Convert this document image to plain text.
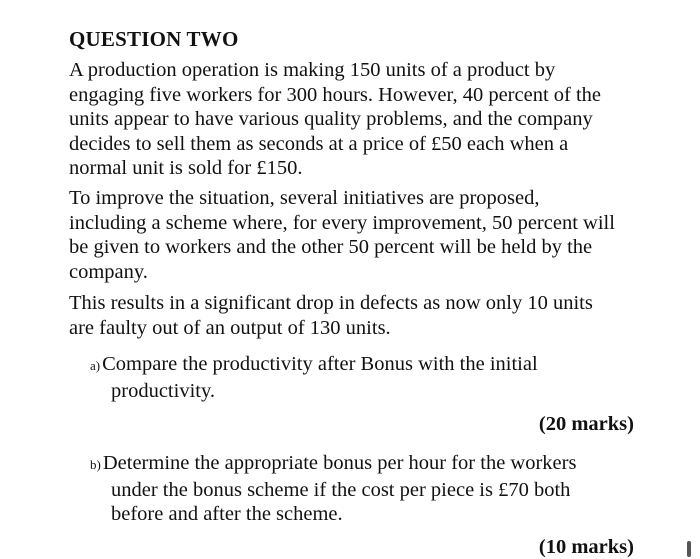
QUESTION TWO
A production operation is making 150 units of a product by
engaging five workers for 300 hours. However, 40 percent of the
units appear to have various quality problems, and the company
decides to sell them as seconds at a price of £50 each when a
normal unit is sold for £150.
To improve the situation, several initiatives are proposed,
including a scheme where, for every improvement, 50 percent will
be given to workers and the other 50 percent will be held by the
company.
This results in a significant drop in defects as now only 10 units
are faulty out of an output of 130 units.
a)Compare the productivity after Bonus with the initial
productivity.
(20 marks)
b)Determine the appropriate bonus per hour for the workers
under the bonus scheme if the cost per piece is £70 both
before and after the scheme.
(10 marks)
